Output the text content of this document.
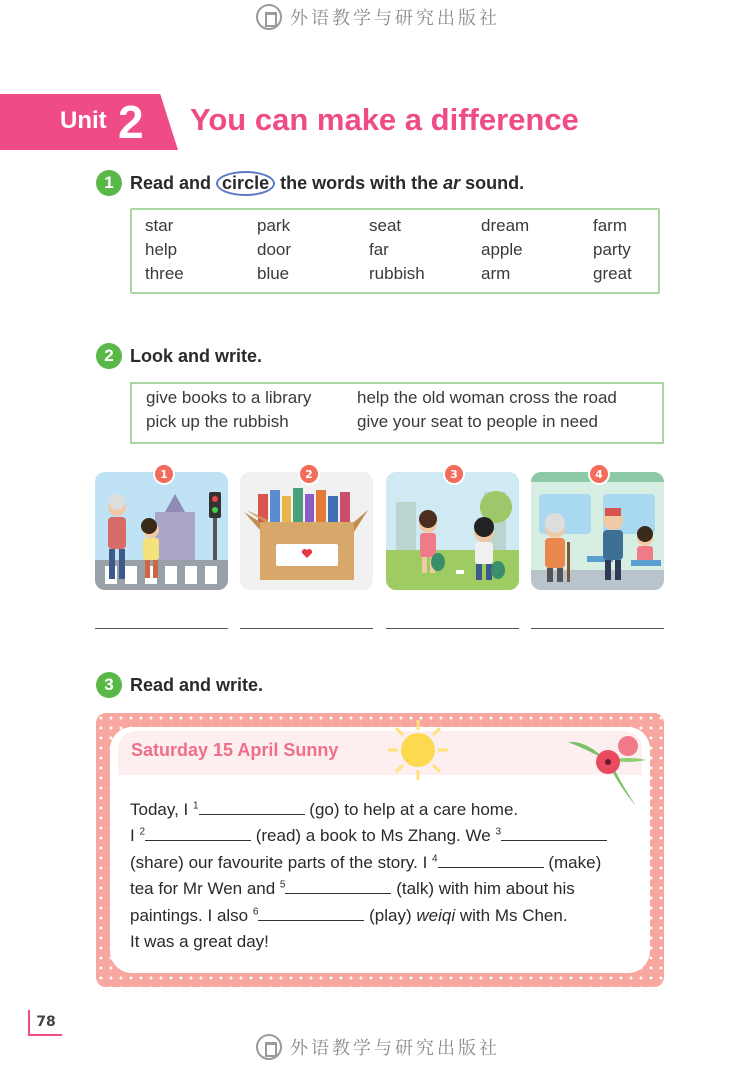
外语教学与研究出版社
Unit 2 You can make a difference
1 Read and circle the words with the ar sound.
star	park	seat	dream	farm
help	door	far	apple	party
three	blue	rubbish	arm	great
2 Look and write.
give books to a library	help the old woman cross the road
pick up the rubbish	give your seat to people in need
1	2	3	4
3 Read and write.
Saturday 15 April Sunny
Today, I $^1$	(go) to help at a care home.
I $^2$	(read) a book to Ms Zhang. We $^3$
(share) our favourite parts of the story. I $^4$	(make)
tea for Mr Wen and $^5$	(talk) with him about his
paintings. I also $^6$	(play) weiqi with Ms Chen.
It was a great day!
78
外语教学与研究出版社
